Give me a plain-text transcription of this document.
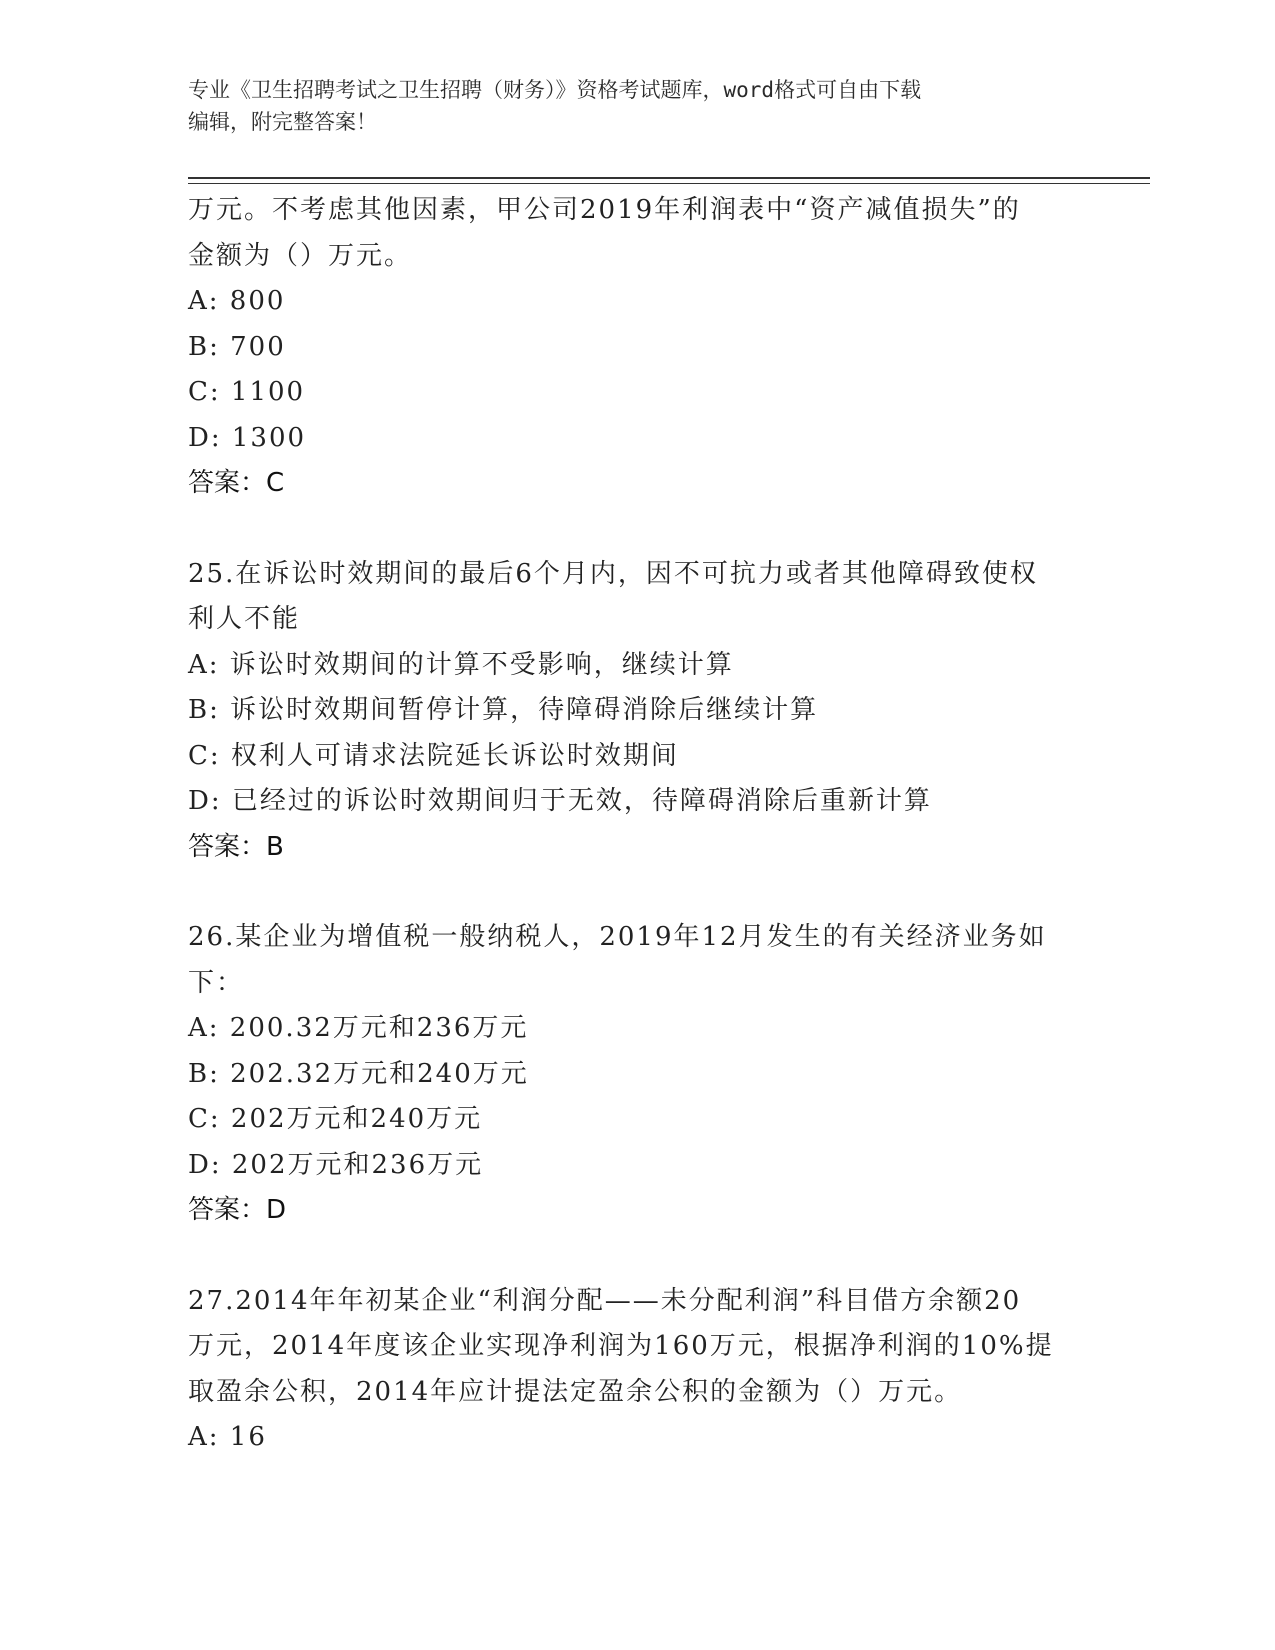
专业《卫生招聘考试之卫生招聘（财务）》资格考试题库，word格式可自由下载
编辑，附完整答案！
万元。不考虑其他因素，甲公司2019年利润表中“资产减值损失”的
金额为（）万元。
A: 800
B: 700
C: 1100
D: 1300
答案：C
25.在诉讼时效期间的最后6个月内，因不可抗力或者其他障碍致使权
利人不能
A: 诉讼时效期间的计算不受影响，继续计算
B: 诉讼时效期间暂停计算，待障碍消除后继续计算
C: 权利人可请求法院延长诉讼时效期间
D: 已经过的诉讼时效期间归于无效，待障碍消除后重新计算
答案：B
26.某企业为增值税一般纳税人，2019年12月发生的有关经济业务如
下：
A: 200.32万元和236万元
B: 202.32万元和240万元
C: 202万元和240万元
D: 202万元和236万元
答案：D
27.2014年年初某企业“利润分配——未分配利润”科目借方余额20
万元，2014年度该企业实现净利润为160万元，根据净利润的10%提
取盈余公积，2014年应计提法定盈余公积的金额为（）万元。
A: 16
